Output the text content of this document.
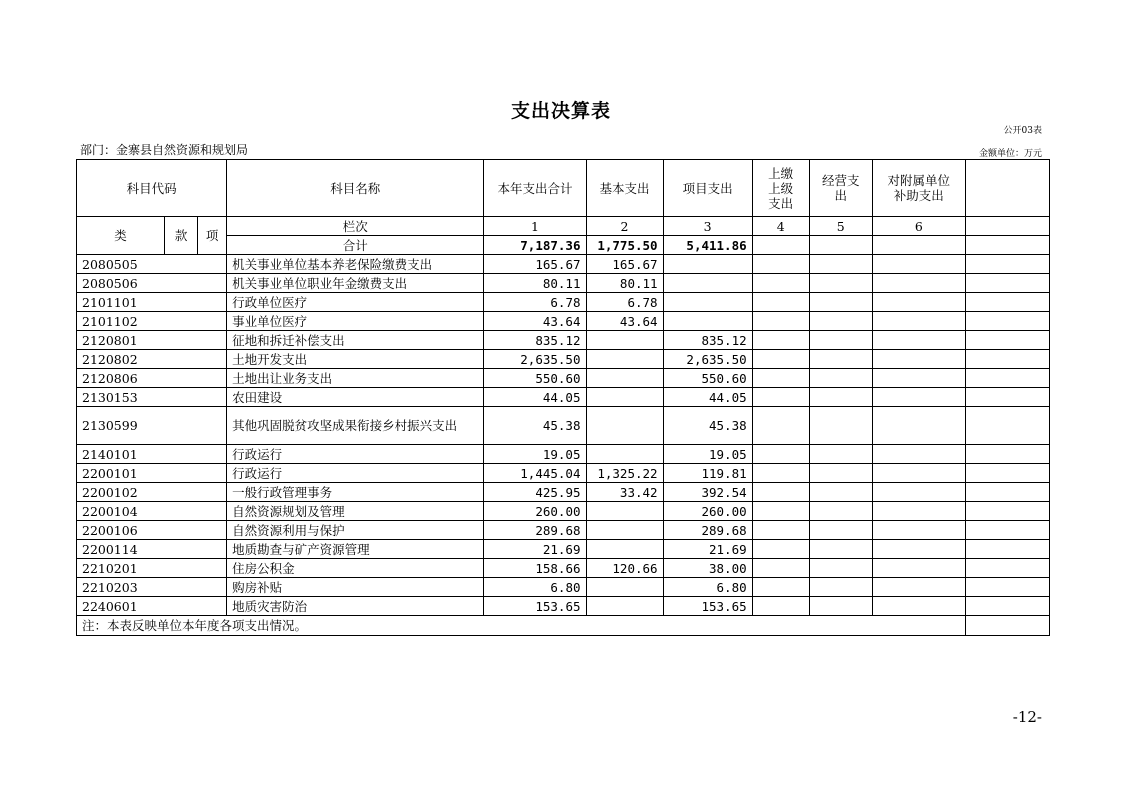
支出决算表
公开03表
部门：金寨县自然资源和规划局	金额单位：万元
科目代码			科目名称	本年支出合计	基本支出	项目支出	上缴上级支出	经营支出	对附属单位补助支出	
类	款	项	栏次	1	2	3	4	5	6	
			合计	7,187.36	1,775.50	5,411.86				
2080505			机关事业单位基本养老保险缴费支出	165.67	165.67					
2080506			机关事业单位职业年金缴费支出	80.11	80.11					
2101101			行政单位医疗	6.78	6.78					
2101102			事业单位医疗	43.64	43.64					
2120801			征地和拆迁补偿支出	835.12		835.12				
2120802			土地开发支出	2,635.50		2,635.50				
2120806			土地出让业务支出	550.60		550.60				
2130153			农田建设	44.05		44.05				
2130599			其他巩固脱贫攻坚成果衔接乡村振兴支出	45.38		45.38				
2140101			行政运行	19.05		19.05				
2200101			行政运行	1,445.04	1,325.22	119.81				
2200102			一般行政管理事务	425.95	33.42	392.54				
2200104			自然资源规划及管理	260.00		260.00				
2200106			自然资源利用与保护	289.68		289.68				
2200114			地质勘查与矿产资源管理	21.69		21.69				
2210201			住房公积金	158.66	120.66	38.00				
2210203			购房补贴	6.80		6.80				
2240601			地质灾害防治	153.65		153.65				
注：本表反映单位本年度各项支出情况。										
-12-
